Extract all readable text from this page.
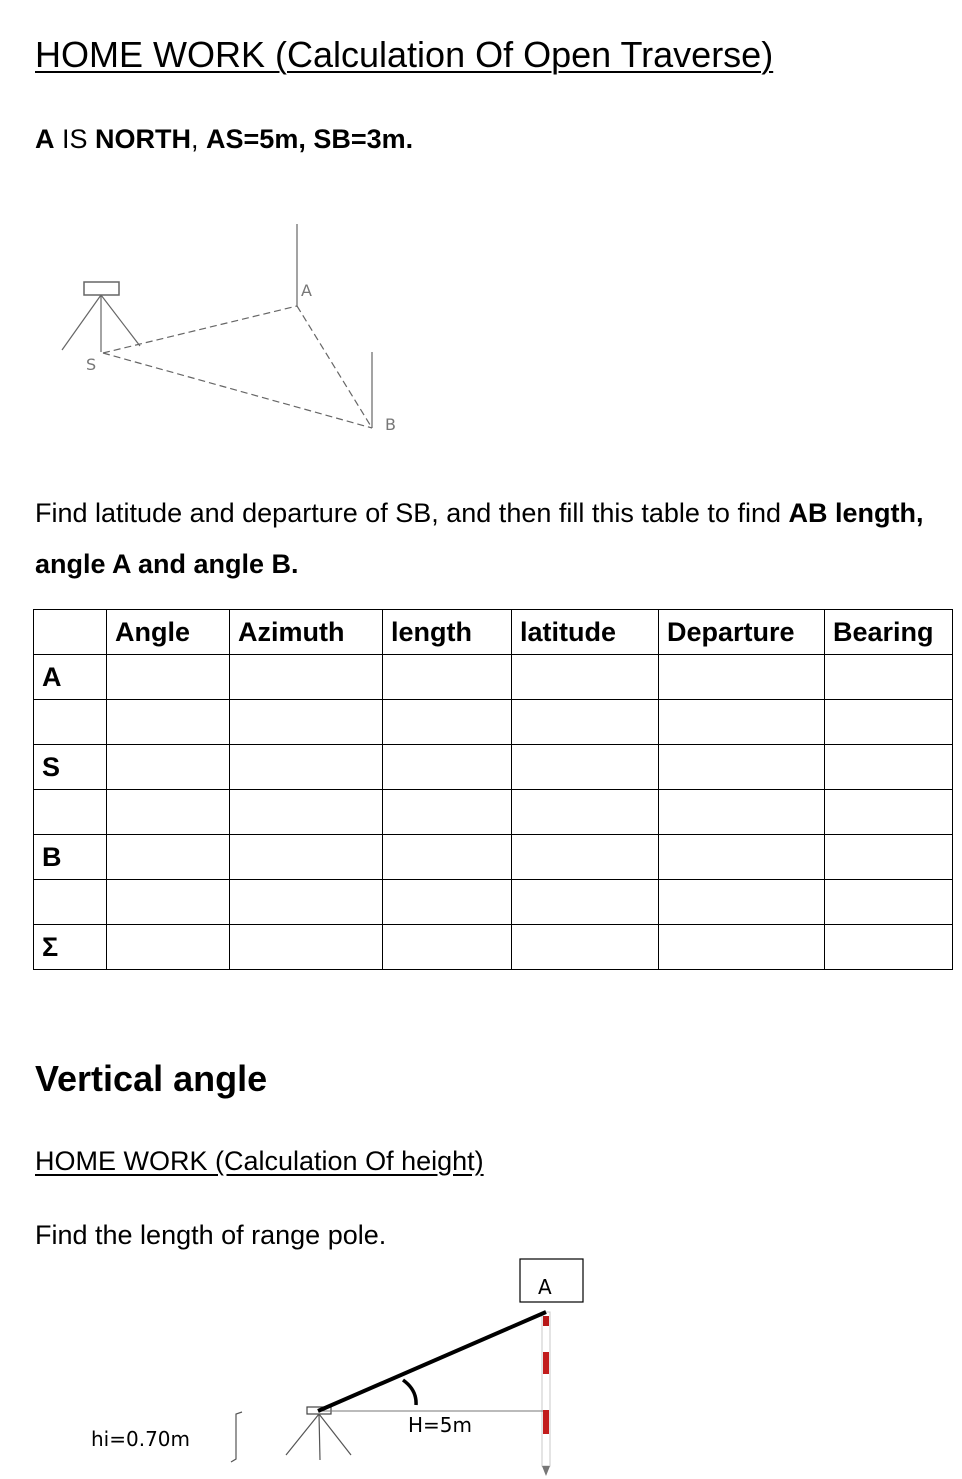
HOME WORK (Calculation Of Open Traverse)
A IS NORTH, AS=5m, SB=3m.
A
B
S
Find latitude and departure of SB, and then fill this table to find AB length, angle A and angle B.
	Angle	Azimuth	length	latitude	Departure	Bearing
A						

S						

B						

Σ						
Vertical angle
HOME WORK (Calculation Of height)
Find the length of range pole.
A
H=5m
hi=0.70m
